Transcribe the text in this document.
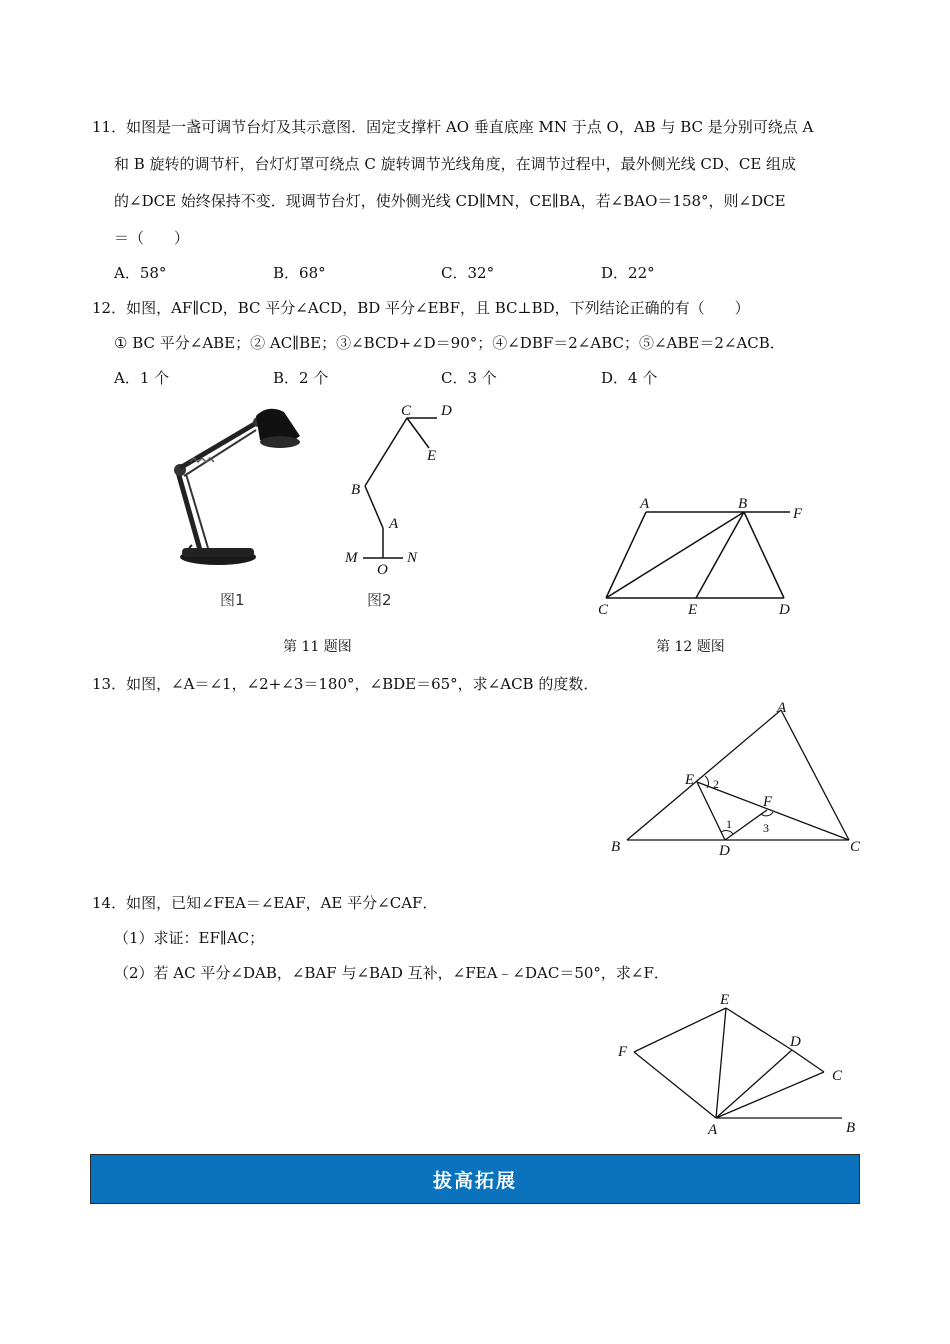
11．如图是一盏可调节台灯及其示意图．固定支撑杆 AO 垂直底座 MN 于点 O，AB 与 BC 是分别可绕点 A
和 B 旋转的调节杆，台灯灯罩可绕点 C 旋转调节光线角度，在调节过程中，最外侧光线 CD、CE 组成
的∠DCE 始终保持不变．现调节台灯，使外侧光线 CD∥MN，CE∥BA，若∠BAO＝158°，则∠DCE
＝（　　）
A．58°	B．68°	C．32°	D．22°
12．如图，AF∥CD，BC 平分∠ACD，BD 平分∠EBF，且 BC⊥BD，下列结论正确的有（　　）
① BC 平分∠ABE；② AC∥BE；③∠BCD+∠D＝90°；④∠DBF＝2∠ABC；⑤∠ABE＝2∠ACB．
A．1 个	B．2 个	C．3 个	D．4 个
图1
C D
E
B
A
M
O
N
图2
A	B
F
C	E	D
第 11 题图	第 12 题图
13．如图，∠A＝∠1，∠2+∠3＝180°，∠BDE＝65°，求∠ACB 的度数．
A
E
F
B	D	C
2
1	3
14．如图，已知∠FEA＝∠EAF，AE 平分∠CAF．
（1）求证：EF∥AC；
（2）若 AC 平分∠DAB，∠BAF 与∠BAD 互补，∠FEA﹣∠DAC＝50°，求∠F．
E
F
D
C
A	B
拔高拓展
